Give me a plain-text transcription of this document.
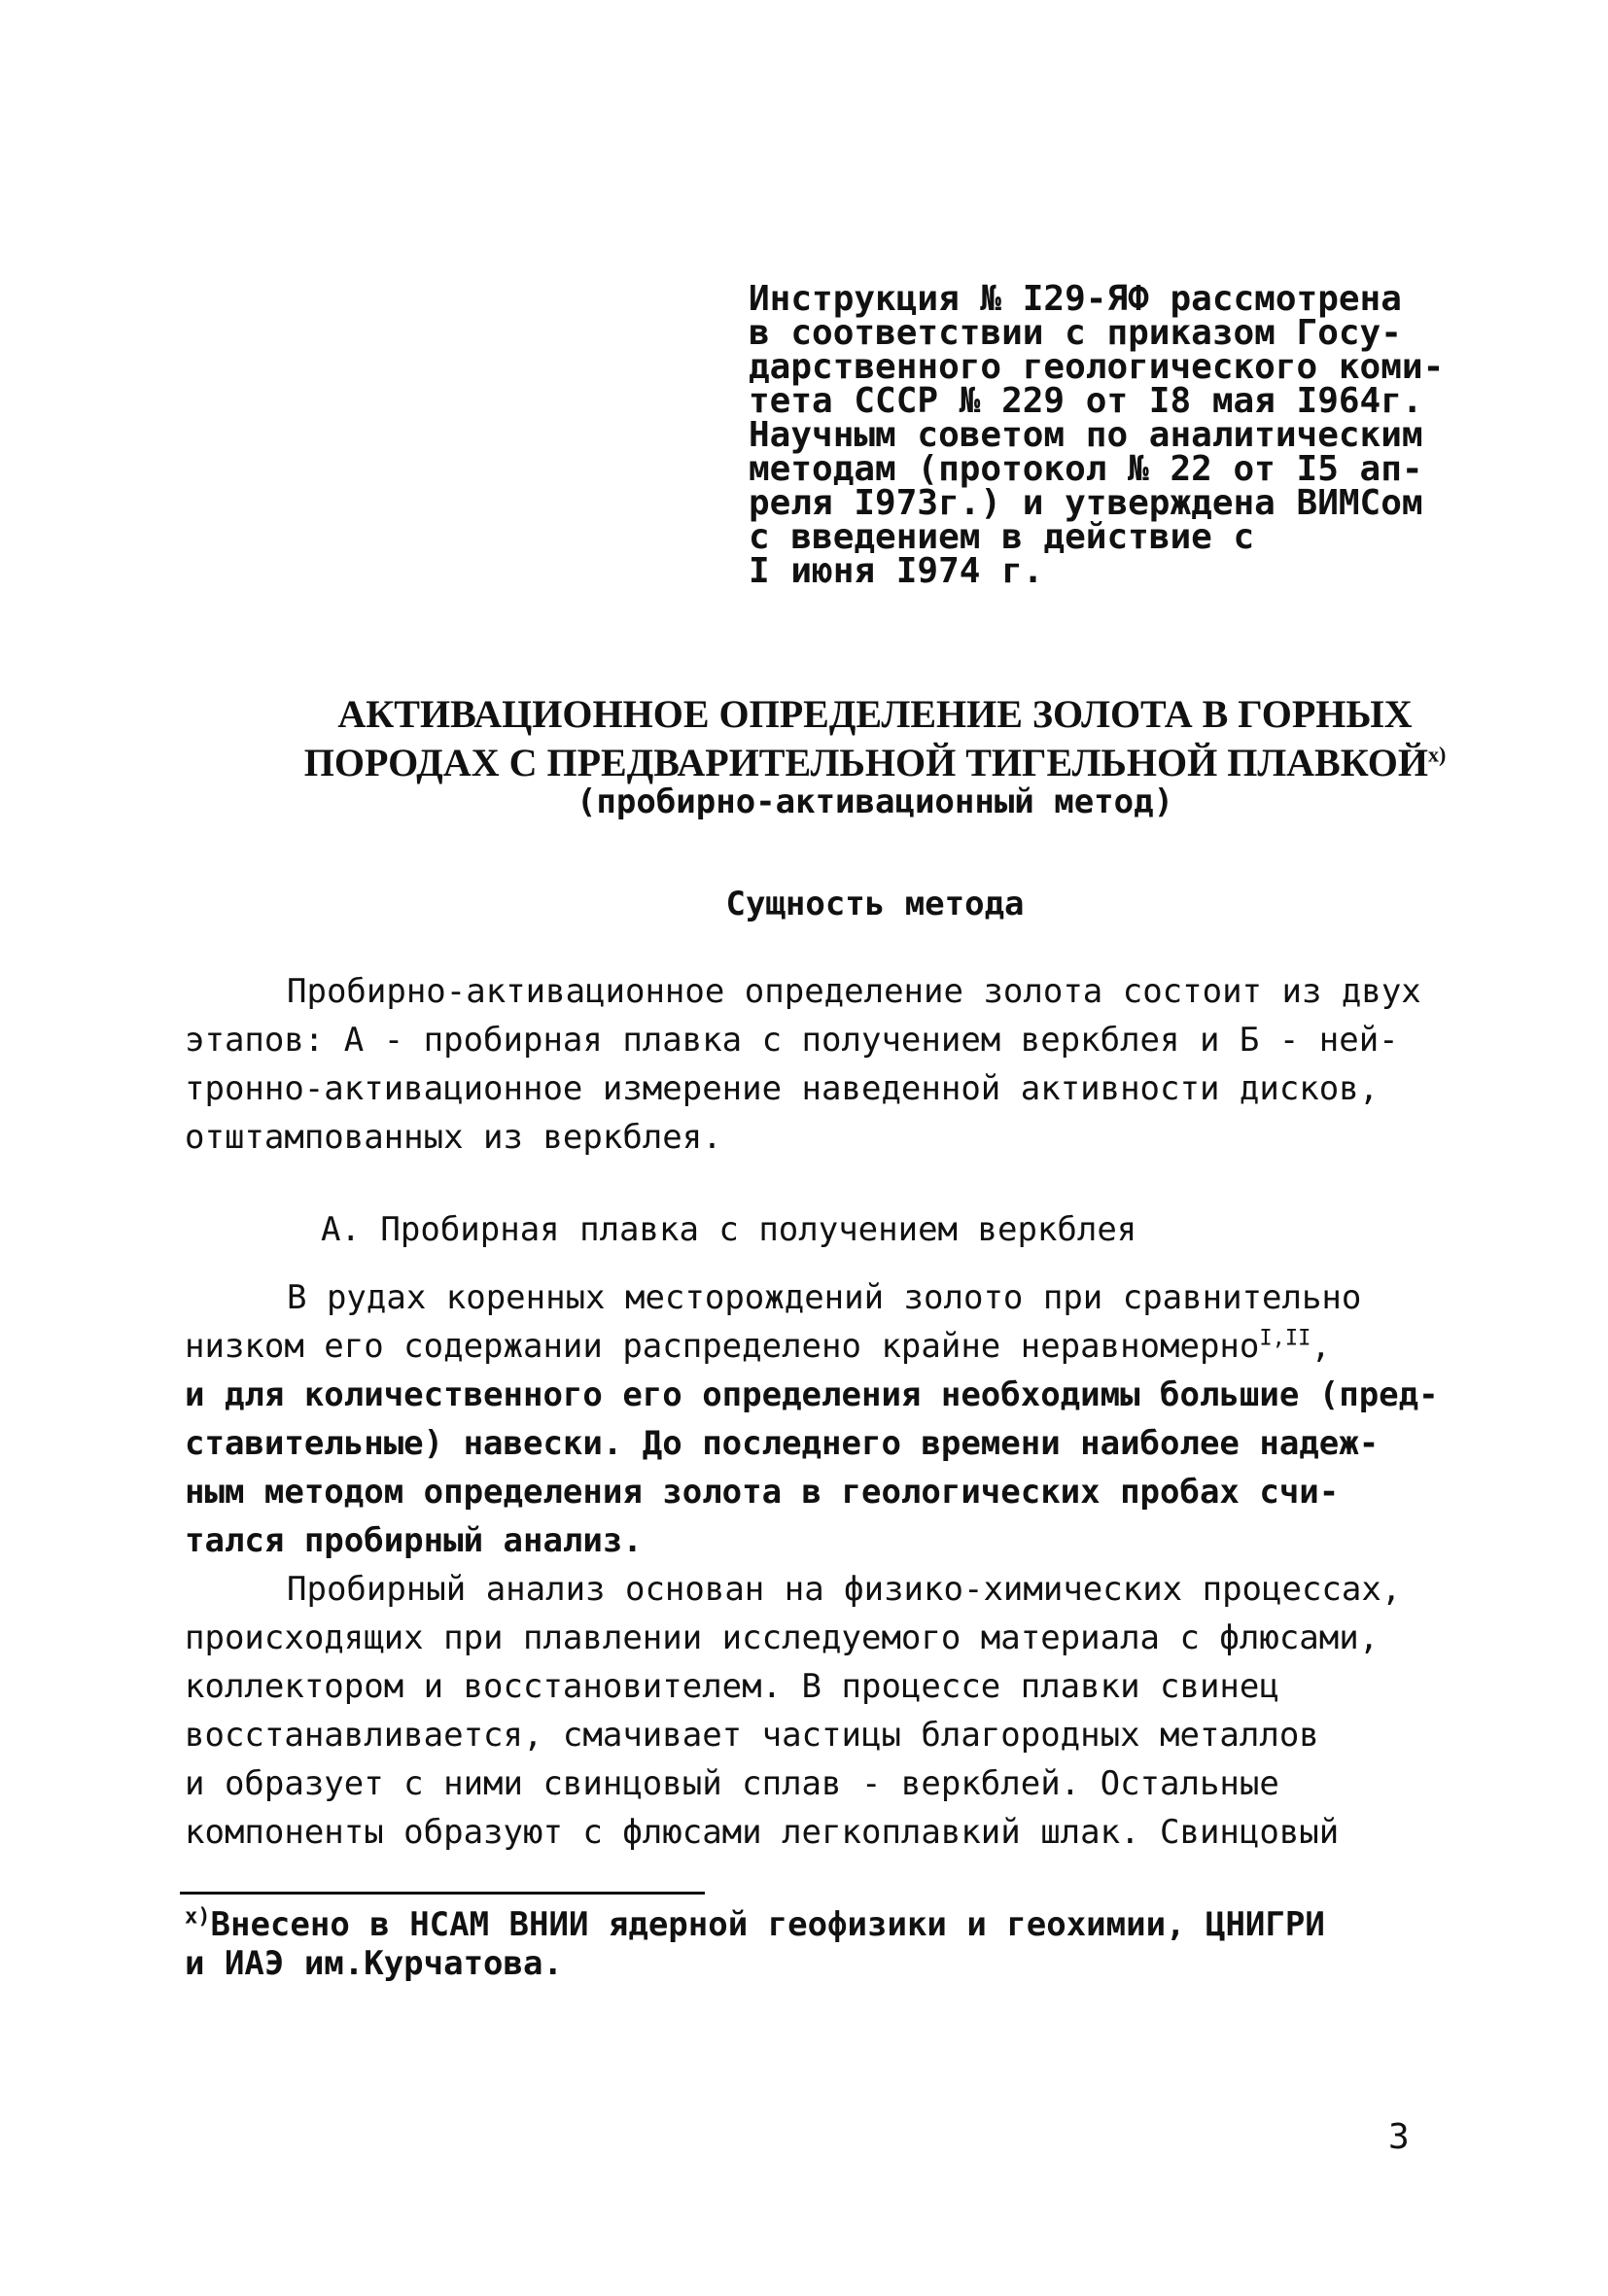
Инструкция № I29-ЯФ рассмотрена
в соответствии с приказом Госу-
дарственного геологического коми-
тета СССР № 229 от I8 мая I964г.
Научным советом по аналитическим
методам (протокол № 22 от I5 ап-
реля I973г.) и утверждена ВИМСом
с введением в действие с
I июня I974 г.
АКТИВАЦИОННОЕ ОПРЕДЕЛЕНИЕ ЗОЛОТА В ГОРНЫХ
ПОРОДАХ С ПРЕДВАРИТЕЛЬНОЙ ТИГЕЛЬНОЙ $ПЛАВКОЙ^{х)}$
(пробирно-активационный метод)
Сущность метода
Пробирно-активационное определение золота состоит из двух
этапов: А - пробирная плавка с получением веркблея и Б - ней-
тронно-активационное измерение наведенной активности дисков,
отштампованных из веркблея.
А. Пробирная плавка с получением веркблея
В рудах коренных месторождений золото при сравнительно
низком его содержании распределено крайне неравномерно$^{I,II}$,
и для количественного его определения необходимы большие (пред-
ставительные) навески. До последнего времени наиболее надеж-
ным методом определения золота в геологических пробах счи-
тался пробирный анализ.
Пробирный анализ основан на физико-химических процессах,
происходящих при плавлении исследуемого материала с флюсами,
коллектором и восстановителем. В процессе плавки свинец
восстанавливается, смачивает частицы благородных металлов
и образует с ними свинцовый сплав - веркблей. Остальные
компоненты образуют с флюсами легкоплавкий шлак. Свинцовый
$^{х)}$Внесено в НСАМ ВНИИ ядерной геофизики и геохимии, ЦНИГРИ
и ИАЭ им.Курчатова.
3
